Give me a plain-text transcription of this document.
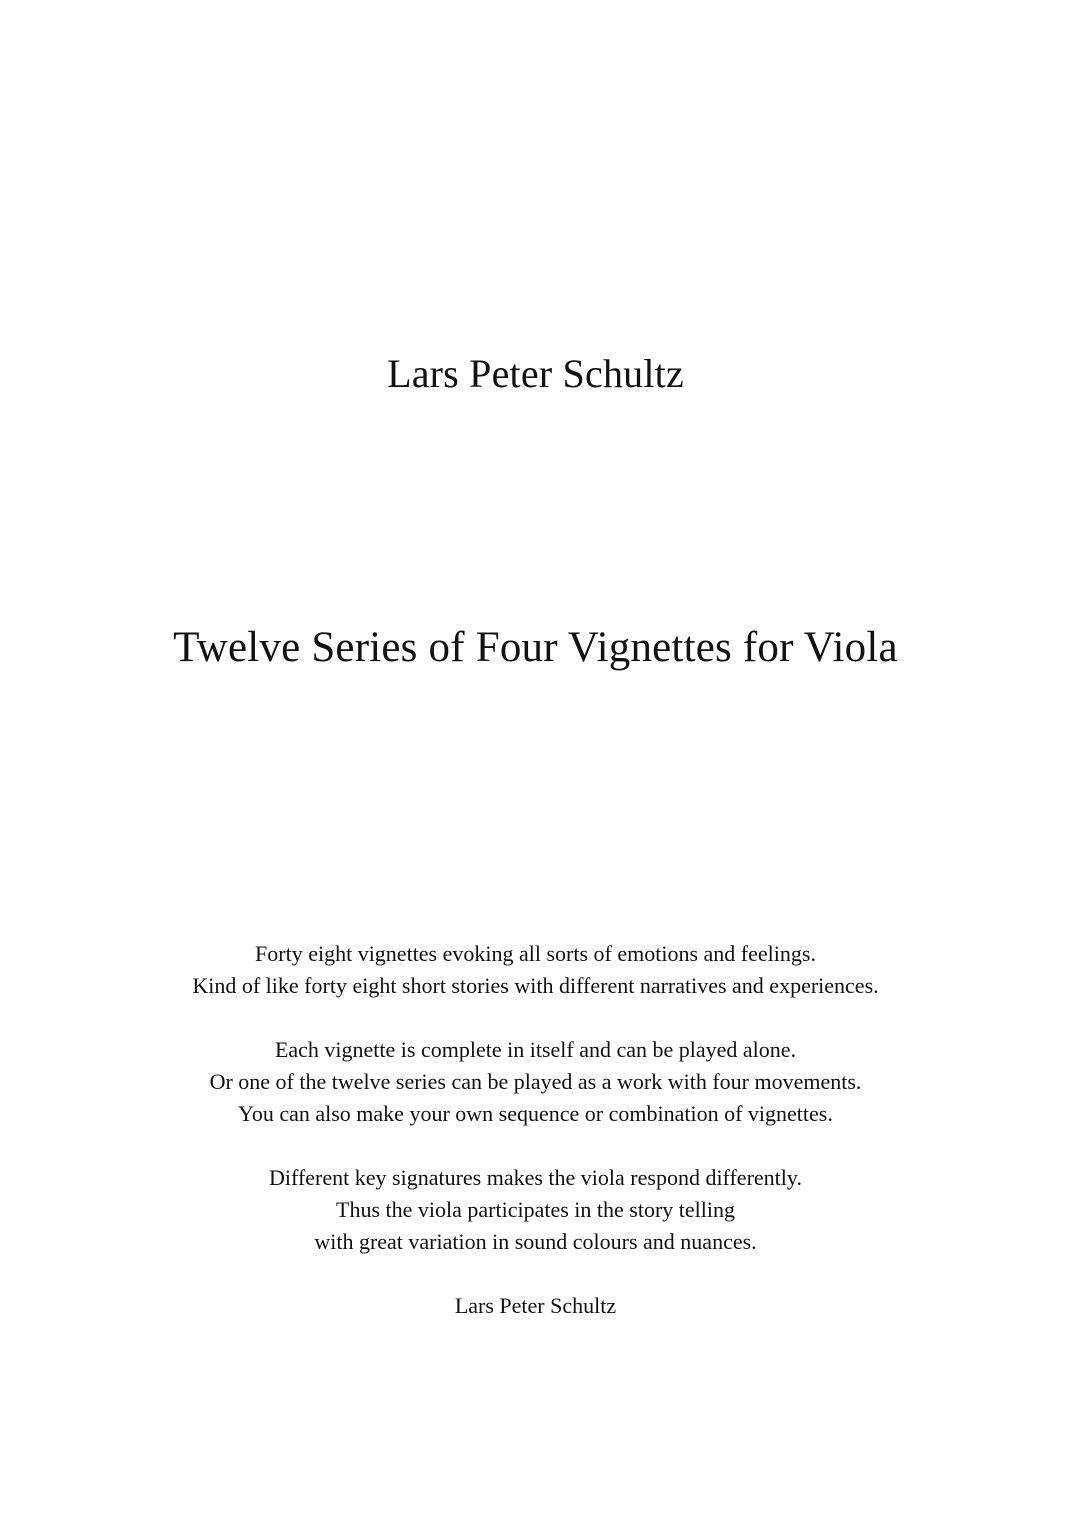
Lars Peter Schultz
Twelve Series of Four Vignettes for Viola
Forty eight vignettes evoking all sorts of emotions and feelings.
Kind of like forty eight short stories with different narratives and experiences.
Each vignette is complete in itself and can be played alone.
Or one of the twelve series can be played as a work with four movements.
You can also make your own sequence or combination of vignettes.
Different key signatures makes the viola respond differently.
Thus the viola participates in the story telling
with great variation in sound colours and nuances.
Lars Peter Schultz
